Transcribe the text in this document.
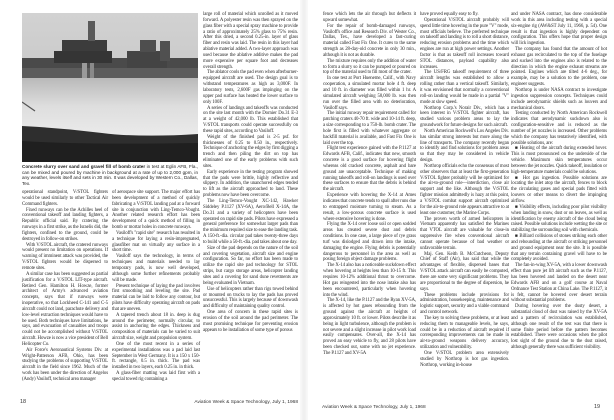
Concrete slurry over sand and gravel fill of bomb crater in test at Eglin AFB, Fla., can be mixed and poured by machine in background at a rate of up to 2,000 gpm, in any weather, levels itself and sets in 30 min. It was developed by Western Co., Dallas, Tex.

operational standpoint, V/STOL fighters would be used similarly to other Tactical Air Command fighters.

Fixed runways can be the Achilles heel of conventional takeoff and landing fighters, a Republic official said. By cratering the runways in a first strike, as the Israelis did, the fighters, confined to the ground, could be destroyed in follow-on strikes.

With V/STOL aircraft, the cratered runways would present no limitation on operations. If warning of imminent attack was provided, the V/STOL fighters would be dispersed to remote sites.

A similar case has been suggested as partial justification for a V/STOL LIT-type aircraft. Retired Gen. Hamilton H. Howze, former architect of Army's advanced aviation concepts, says that if runways were inoperative, so that Lockheed C-141 and C-5 aircraft could not land, parachute delivery and low-level extraction techniques would have to be used. Both techniques have limitations, he says, and evacuation of casualties and troops could not be accomplished without V/STOL aircraft. Howze is now a vice president of Bell Helicopter Co.

Air Force's Aeronautical Systems Div. at Wright-Patterson AFB, Ohio, has been studying the problems of supporting V/STOL aircraft in the field since 1962. Much of the work has been under the direction of Angelos (Andy) Vasiloff, technical area manager

of aerospace site support. The major effort has been development of a method of quickly fabricating a V/STOL landing pad at a forward site in conjunction with Ling-Temco-Vought. Another related research effort has been development of a quick method of filling in bomb or mortar holes in concrete runways.

Vasiloff's "rapid site" research has resulted in a technique for laying a resin-impregnated, glassfiber mat on virtually any surface in a short time.

Vasiloff says the technology, in terms of techniques and materials needed to lay temporary pads, is now well developed, although some further refinements probably will be made.

Present technique of laying the pad involves first smoothing and leveling the site. Pad material can be laid to follow any contour, but pilots have difficulty operating aircraft on pads that are uneven.

A tapered trench about 18 in. deep is dug around the perimeter, normally circular, to assist in anchoring the edges. Thickness and composition of materials can be varied to suit aircraft size, weight and propulsion system.

One of the most recent in a series of experimental installations was a pad laid last September in West Germany. It is a 150 x 150-ft. rectangle, 0.5 in. thick. The pad was installed in two layers, each 0.25 in. in thick.

A glass-fiber matting was laid first with a special towed rig containing a

large roll of material which unrolled as it moved forward. A polyester resin was then sprayed on the glass fiber with a special spray machine to provide a ratio of approximately 25% glass to 75% resin. After this dried, a second 0.25-in. layer of glass fiber and resin was laid. The resin in this layer had ablative material added. A two-layer approach was used because the ablative additive makes the pad more expensive per square foot and decreases overall strength.

The ablator cools the pad even when afterburner-equipped aircraft are used. The design goal is to withstand temperatures as high as 3,000F. In laboratory tests, 2,600F gas impinging on the upper pad surface has heated the lower surface to only 100F.

A series of landings and takeoffs was conducted on the site last month with the Dornier Do.31 E-3 at a weight of 42,000 lb. This established that V/STOL transports could operate successfully on these rapid sites, according to Vasiloff.

Weight of the finished pad is 2-5 psf. for thicknesses of 0.25 to 0.50 in., respectively. Technique of anchoring the edges by first digging a trench and then piling the dirt on top has eliminated one of the early problems with such sites.

Early experience in the testing program showed that the pads were brittle, highly reflective and slippery. In addition, the unanchored edges tended to lift as the aircraft approached to land. These problems now have been overcome.

The Ling-Temco-Vought XC-142, Hawker Siddeley P.1127 (XV-6A), Aero/Bell X-14A, the Do.31 and a variety of helicopters have been operated on rapid site pads. Pilots have expressed a general preference for somewhat larger pads than the minimum required size to ease the landing task. A 150-ft.-dia. circular pad takes twenty-three days to build while a 50-ft.-dia. pad takes about one day.

Size of the pad depends on the nature of the soil and covering vegetation, aircraft size and engine configuration. So far, no effort has been made to utilize the rapid site pad technology for STOL strips, but cargo storage areas, helicopter landing sites and a covering for sand dune revetments are being evaluated in Vietnam.

Use of helicopters rather than rigs towed behind or mounted on trucks to lay the pads has proved unsuccessful. This is largely because of downwash and difficulty of maintaining quality control.

One area of concern in these rapid sites is erosion of the soil around the pad perimeter. The most promising technique for preventing erosion appears to be installation of some type of porous

18	Aviation Week & Space Technology, July 1, 1968

fence which lets the air through but deflects it upward somewhat.

For the repair of bomb-damaged runways, Vasiloff's office and Research Div. of Wester Co., Dallas, Tex., have developed a fast-curing material called Fast Fix One. It cures to the same strength as 28-day-old concrete in only 30 min., although it is not as durable.

The mixture requires only the addition of water to form a slurry so it can be pumped or poured on top of the material used to fill most of the crater.

In one test at Port Hueneme, Calif., with Navy cooperation, a simulated mortar hole 4 ft. deep and 10 ft. in diameter was filled within 1 hr. A simulated aircraft weighing 58,000 lb. was then run over the filled area with no deterioration, Vasiloff says.

The initial runway repair requirement called for patching craters 40-70 ft. wide and 10-14 ft. deep, a size corresponding to a 750-lb. bomb crater. The hole first is filled with whatever aggregate or backfill material is available, and Fast Fix One is laid over the top.

Flight test experience gained with the P.1127 at Edwards AFB, Calif., indicates that new, smooth concrete is a good surface for hovering flight whereas old cracked concrete, asphalt and bare ground are unacceptable. Technique of making running takeoffs and roll-on landings is used over these surfaces to ensure that the debris is behind the aircraft.

Experience with hovering the X-14 at Ames indicates that concrete tends to spall after runs due to entrapped moisture turning to steam. As a result, a low-porous concrete surface is used where extensive hovering is done.

Flying the X-14 over loose soil or open sodded areas has created severe dust and debris conditions. In one case, a large piece of rye grass turf was dislodged and drawn into the intake, damaging the engine. Flying debris is potentially dangerous to personnel in the area as well as posing foreign object damage problems.

The X-14 also has a noticeable suckdown effect when hovering at heights less than 10-15 ft. This requires 10-12% additional thrust to overcome. Hot gas reingested into the nose intake also has been encountered, particularly when hovering into the wind.

The X-14, like the P.1127 and the Ryan XV-5A, is affected by hot gases rebounding from the ground against the aircraft at heights of approximately 10 ft. or lower. Pilots describe it as being in light turbulence, although the problem is not severe and a slight increase in pilot work load easily compensates. Over-all, the X-14 has proved an easy vehicle to fly, and 28 pilots have been checked out, some with no jet experience. The P.1127 and XV-5A

have proved equally easy to fly.

Operational V/STOL aircraft probably will spend little time hovering in the pure "V" mode, most officials believe. The preferred technique on takeoff and landing is to roll a short distance, reducing erosion problems and the time which engines are run at high power settings. Another factor is that as takeoff roll increases toward STOL distances, payload capability also increases.

The US/FRG takeoff requirement of three aircraft lengths was established to allow a rolling rather than a vertical takeoff. Similarly, it was envisioned that normally a conventional roll-on landing would be made in a partial "V" mode at slow speed.

Northrop Corp.'s Norair Div., which has a keen interest in V/STOL fighter aircraft, has studied various problem areas to lay the groundwork for future designs for such aircraft.

North American Rockwell's Los Angeles Div. has similar strong interests but more along the line of transports. The company recently began to identify and find solutions for problem areas so that they may be considered in vehicle design.

Northrop officials echo the consensus of most other observers that at least the first-generation V/STOL fighter probably will be optimized for the air-to-ground role—interdiction, close air support and the like. Although the V/STOL fighter mission admittedly is hazy at this point, a V/STOL combat support aircraft optimized for the air-to-ground role appears attractive to at least one customer, the Marine Corps.

The proven worth of armed helicopters in Vietnam apparently has satisfied the Marines that VTOL aircraft are valuable for close-in suppressive fire when conventional aircraft cannot operate because of bad weather or unfavorable terrain.

Maj. Gen. Keith B. McCutcheon, Deputy Chief of Staff (Air), has said that while the advantages of flexible, dispersed bases that V/STOL attack aircraft can easily be computed, there are some very significant problems. They are proportional to the degree of dispersion, he says.

These problems include provisions for administration, housekeeping, maintenance and logistic support, security and a viable command and control network.

The key to solving these problems, or at least reducing them to manageable levels, he says, could be in a reduction of aircraft required if corresponding improvements can be made in air-to-ground weapons delivery accuracy, utilization and vulnerability.

One V/STOL problem area extensively studied by Northrop is hot gas ingestion. Northrop, working in-house

and under NASA contract, has done considerable work in this area including testing with a special six-engine rig (AW&ST July 11, 1966, p. 54). One result is that ingestion is highly dependent on configuration. This offers hope that proper design will lick ingestion.

The company has found that the amount of hot exhaust gas recirculated to the top of the fuselage and sucked into the engines also is related to the direction in which the engine exhaust streams are pointed. Engines which are tilted 4-6 deg., for example, may be a solution to the problem, one engineer suggests.

Northrop is under NASA contract to investigate ingestion suppression concepts. Techniques could include aerodynamic shields such as louvers and mechanical doors.

Testing conducted by North American Rockwell indicates that aerodynamic suckdown also is configuration-sensitive and is reduced as the number of jet nozzles is increased. Other problems which the company has tentatively identified, with possible solutions, are:

■ Heating of the aircraft during extended hover. This is most pronounced on the underside of the vehicle. Maximum skin temperatures occur between the jet nozzles. Quick takeoff, insulation or high-temperature materials could be solutions.

■ Hot gas ingestion. Possible solutions are locating the inlet atop the aircraft, fences to block the circulating gases and special pads fitted with louvers or other means to divert the impinging airflow.

■ Visibility effects, including poor pilot visibility when landing in snow, dust or on leaves, as well as identification by enemy aircraft of the cloud being raised. Possible solutions include wetting the site or stabilizing the surrounding soil with chemicals.

■ Billiard collisions of stones striking each other and rebounding at the aircraft or striking personnel and ground equipment near the site. It is possible that any terrain containing gravel will have to be completely avoided.

The fan-in-wing XV-5A, with a lower downwash effect than pure jet lift aircraft such as the P.1127, has been hovered and landed on the desert near Edwards AFB and on a golf course at Naval Ordnance Test Station at China Lake. The P.1127, it is felt, cannot be hovered over desert terrain without substantial problems.

During hovering over the dusty desert, a substantial cloud of dust was raised by the XV-5A and a pattern of recirculation was established, although one result of the test was that there is some finite period before the pattern becomes established. There were occasions when the pilot lost sight of the ground due to the dust raised, although generally there was sufficient visibility.

Aviation Week & Space Technology, July 1, 1968	19
